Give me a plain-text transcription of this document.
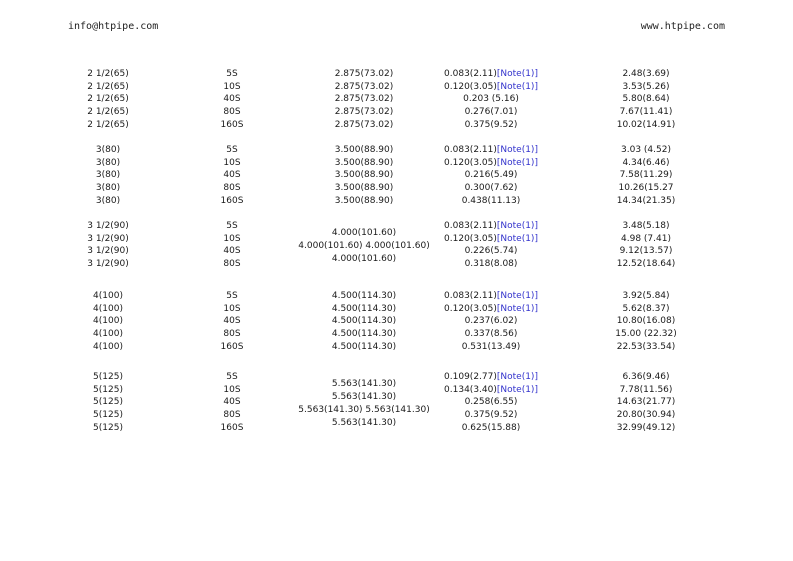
info@htpipe.com	www.htpipe.com
2 1/2(65)
2 1/2(65)
2 1/2(65)
2 1/2(65)
2 1/2(65)
5S
10S
40S
80S
160S
2.875(73.02)
2.875(73.02)
2.875(73.02)
2.875(73.02)
2.875(73.02)
0.083(2.11)[Note(1)]
0.120(3.05)[Note(1)]
0.203 (5.16)
0.276(7.01)
0.375(9.52)
2.48(3.69)
3.53(5.26)
5.80(8.64)
7.67(11.41)
10.02(14.91)
3(80)
3(80)
3(80)
3(80)
3(80)
5S
10S
40S
80S
160S
3.500(88.90)
3.500(88.90)
3.500(88.90)
3.500(88.90)
3.500(88.90)
0.083(2.11)[Note(1)]
0.120(3.05)[Note(1)]
0.216(5.49)
0.300(7.62)
0.438(11.13)
3.03 (4.52)
4.34(6.46)
7.58(11.29)
10.26(15.27
14.34(21.35)
3 1/2(90)
3 1/2(90)
3 1/2(90)
3 1/2(90)
5S
10S
40S
80S
4.000(101.60)
4.000(101.60) 4.000(101.60)
4.000(101.60)
0.083(2.11)[Note(1)]
0.120(3.05)[Note(1)]
0.226(5.74)
0.318(8.08)
3.48(5.18)
4.98 (7.41)
9.12(13.57)
12.52(18.64)
4(100)
4(100)
4(100)
4(100)
4(100)
5S
10S
40S
80S
160S
4.500(114.30)
4.500(114.30)
4.500(114.30)
4.500(114.30)
4.500(114.30)
0.083(2.11)[Note(1)]
0.120(3.05)[Note(1)]
0.237(6.02)
0.337(8.56)
0.531(13.49)
3.92(5.84)
5.62(8.37)
10.80(16.08)
15.00 (22.32)
22.53(33.54)
5(125)
5(125)
5(125)
5(125)
5(125)
5S
10S
40S
80S
160S
5.563(141.30)
5.563(141.30)
5.563(141.30) 5.563(141.30)
5.563(141.30)
0.109(2.77)[Note(1)]
0.134(3.40)[Note(1)]
0.258(6.55)
0.375(9.52)
0.625(15.88)
6.36(9.46)
7.78(11.56)
14.63(21.77)
20.80(30.94)
32.99(49.12)
